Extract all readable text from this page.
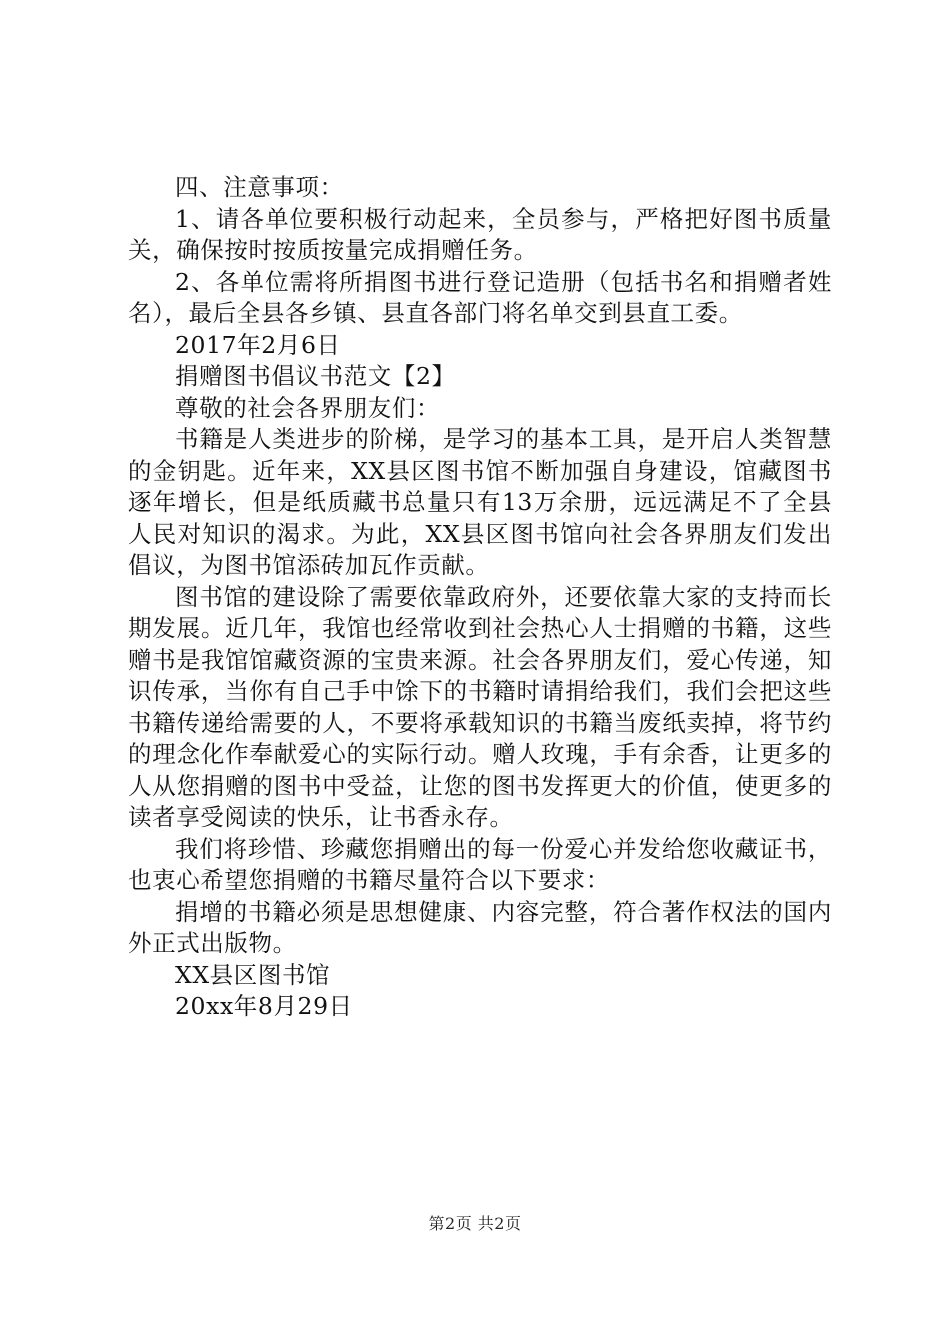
四、注意事项：

1、请各单位要积极行动起来，全员参与，严格把好图书质量关，确保按时按质按量完成捐赠任务。

2、各单位需将所捐图书进行登记造册（包括书名和捐赠者姓名），最后全县各乡镇、县直各部门将名单交到县直工委。

2017年2月6日

捐赠图书倡议书范文【2】

尊敬的社会各界朋友们：

书籍是人类进步的阶梯，是学习的基本工具，是开启人类智慧的金钥匙。近年来，XX县区图书馆不断加强自身建设，馆藏图书逐年增长，但是纸质藏书总量只有13万余册，远远满足不了全县人民对知识的渴求。为此，XX县区图书馆向社会各界朋友们发出倡议，为图书馆添砖加瓦作贡献。

图书馆的建设除了需要依靠政府外，还要依靠大家的支持而长期发展。近几年，我馆也经常收到社会热心人士捐赠的书籍，这些赠书是我馆馆藏资源的宝贵来源。社会各界朋友们，爱心传递，知识传承，当你有自己手中馀下的书籍时请捐给我们，我们会把这些书籍传递给需要的人，不要将承载知识的书籍当废纸卖掉，将节约的理念化作奉献爱心的实际行动。赠人玫瑰，手有余香，让更多的人从您捐赠的图书中受益，让您的图书发挥更大的价值，使更多的读者享受阅读的快乐，让书香永存。

我们将珍惜、珍藏您捐赠出的每一份爱心并发给您收藏证书，也衷心希望您捐赠的书籍尽量符合以下要求：

捐增的书籍必须是思想健康、内容完整，符合著作权法的国内外正式出版物。

XX县区图书馆

20xx年8月29日

第2页 共2页
